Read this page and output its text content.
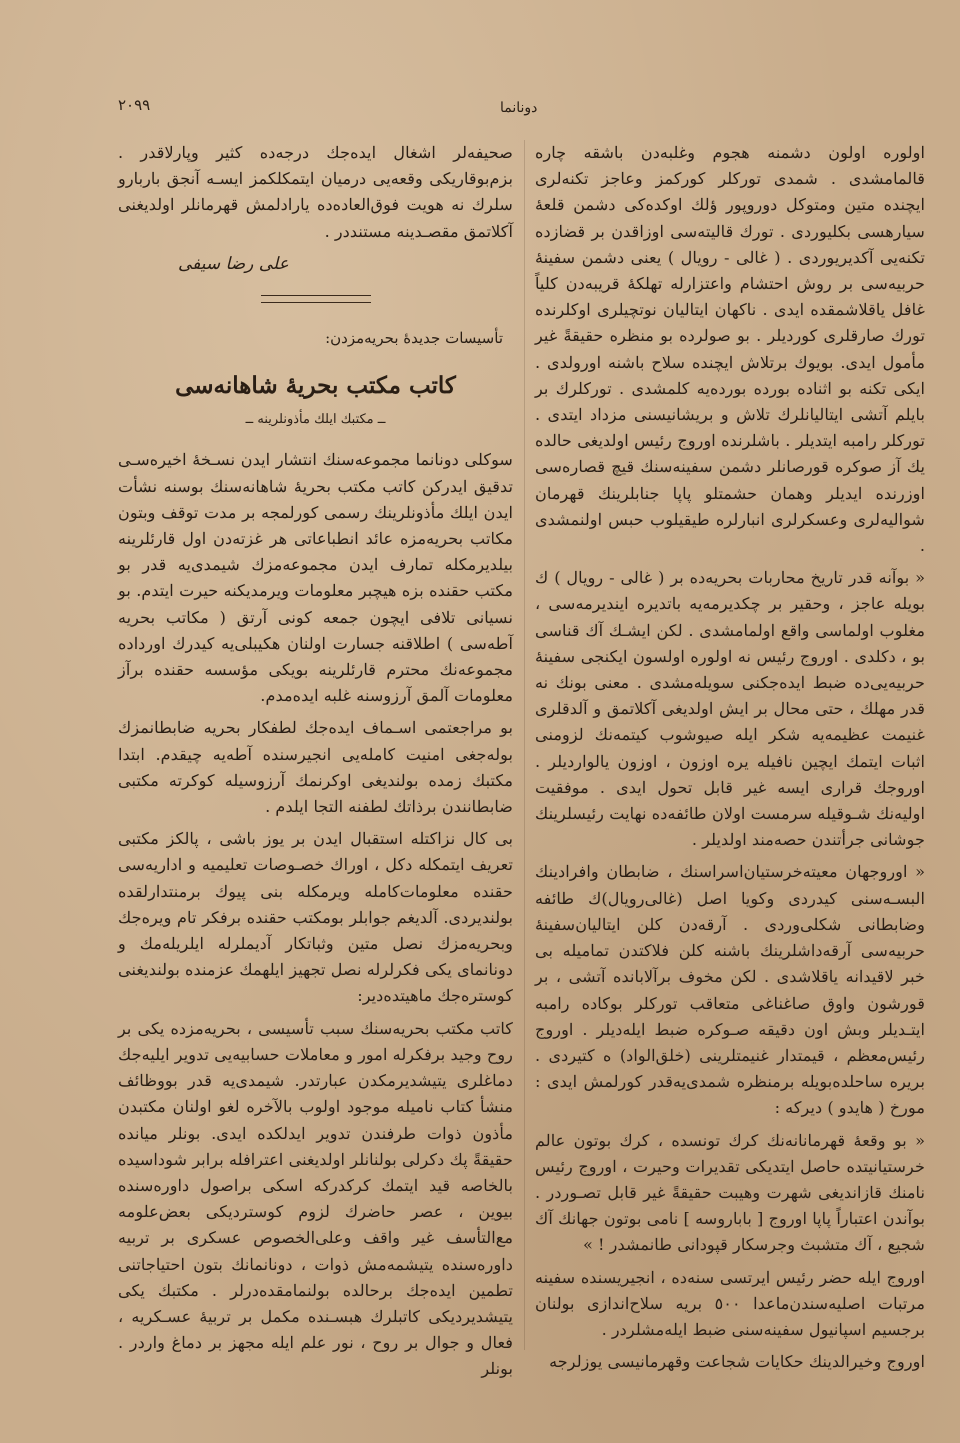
۲۰۹۹	دونانما

اولوره اولون دشمنه هجوم وغلبه‌دن باشقه چاره قالمامشدی . شمدی توركلر كوركمز وعاجز تكنه‌لری ایچنده متین ومتوكل دوروپور ؤلك اوكده‌كی دشمن قلعهٔ سیارهسی بكلیوردی . تورك قالیته‌سی اوزاقدن بر قضازده تكنه‌یی آكدیریوردی . ( غالی - رویال ) یعنی دشمن سفینهٔ حربیه‌سی بر روش احتشام واعتزارله تهلكهٔ قریبه‌دن كلیاً غافل یاقلاشمقده ایدی . ناكهان ایتالیان نوتچیلری اوكلرنده تورك صارقلری كوردیلر . بو صولرده بو منظره حقیقةً غیر مأمول ایدی. بویوك برتلاش ایچنده سلاح باشنه اورولدی . ایكی تكنه بو اثناده بورده بورده‌یه كلمشدی . توركلرك بر بایلم آتشی ایتالیانلرك تلاش و بریشانیسنی مزداد ایتدی . توركلر رامبه ایتدیلر . باشلرنده اوروج رئیس اولدیغی حالده یك آز صوكره قورصانلر دشمن سفینه‌سنك قیچ قصاره‌سی اوزرنده ایدیلر وهمان حشمتلو پاپا جنابلرینك قهرمان شوالیه‌لری وعسكرلری انبارلره طیقیلوب حبس اولنمشدی .

« بوآنه قدر تاریخ محاربات بحریه‌ده بر ( غالی - رویال ) ك بویله عاجز ، وحقیر بر چكدیرمه‌یه باتدیره ایندیرمه‌سی ، مغلوب اولماسی واقع اولمامشدی . لكن ایشـك آك قناسی بو ، دكلدی . اوروج رئیس نه اولوره اولسون ایكنجی سفینهٔ حربیه‌یی‌ده ضبط ایده‌جكنی سویله‌مشدی . معنی بونك نه قدر مهلك ، حتی محال بر ایش اولدیغی آكلاتمق و آلدقلری غنیمت عظیمه‌یه شكر ایله صیوشوب كیتمه‌نك لزومنی اثبات ایتمك ایچین نافیله یره اوزون ، اوزون یالواردیلر . اوروجك قراری ایسه غیر قابل تحول ایدی . موفقیت اولیه‌نك شـوقیله سرمست اولان طائفه‌ده نهایت رئیسلرینك جوشانی جرأتندن حصه‌مند اولدیلر .

« اوروجهان معیته‌خرستیان‌اسراسنك ، ضابطان وافرادینك البسـه‌سنی كیدردی وكویا اصل (غالی‌رویال)ك طائفه وضابطانی شكلی‌وردی . آرقه‌دن كلن ایتالیان‌سفینهٔ حربیه‌سی آرقه‌داشلرینك باشنه كلن فلاكتدن تماميله بی خبر لاقیدانه یاقلاشدی . لكن مخوف برآلابانده آتشی ، بر قورشون واوق صاغناغی متعاقب توركلر بوكاده رامبه ایتـدیلر وبش اون دقیقه صـوكره ضبط ایله‌دیلر . اوروج رئیس‌معظم ، قیمتدار غنیمتلرینی (خلق‌الواد) ه كتیردی . بریره ساحلده‌بویله برمنظره شمدی‌یه‌قدر كورلمش ایدی : مورخ ( هایدو ) دیركه :

« بو وقعهٔ قهرمانانه‌نك كرك تونسده ، كرك بوتون عالم خرستیانیتده حاصل ایتدیكی تقدیرات وحیرت ، اوروج رئیس نامنك قازاندیغی شهرت وهیبت حقیقةً غیر قابل تصـوردر . بوآندن اعتباراً پاپا اوروج [ بابا‌روسه ] نامی بوتون جهانك آك شجیع ، آك متشبث وجرسكار قپودانی طانمشدر ! »

اوروج ایله حضر رئیس ایرتسی سنه‌ده ، انجیریسنده سفینه مرتبات اصلیه‌سندن‌ماعدا ٥٠٠ بریه سلاح‌اندازی بولنان برجسیم اسپانیول سفینه‌سنی ضبط ایله‌مشلردر .

اوروج وخیرالدینك حكایات شجاعت وقهرمانیسی یوزلرجه

صحیفه‌لر اشغال ایده‌جك درجه‌ده كثیر وپارلاقدر . بزم‌بوقاریكی وقعه‌یی درمیان ایتمكلكمز ایسـه آنجق باربارو سلرك نه هویت فوق‌العاده‌ده یارادلمش قهرمانلر اولدیغنی آكلاتمق مقصـدینه مستنددر .

علی رضا سیفی
تأسیسات جدیدهٔ بحریه‌مزدن:
كاتب مكتب بحریهٔ شاهانه‌سی
ــ مكتبك ایلك مأذونلرینه ــ

سوكلی دونانما مجموعه‌سنك انتشار ایدن نسـخهٔ اخیره‌سـی تدقیق ایدركن كاتب مكتب بحریهٔ شاهانه‌سنك بوسنه نشأت ایدن ایلك مأذونلرینك رسمی كورلمجه بر مدت توقف وبتون مكاتب بحریه‌مزه عائد انطباعاتی هر غزته‌دن اول قارئلرینه بیلدیرمكله تمارف ایدن مجموعه‌مزك شیمدی‌یه قدر بو مكتب حقنده بزه هیچبر معلومات ویرمدیكنه حیرت ایتدم. بو نسیانی تلافی ایچون جمعه كونی آرتق ( مكاتب بحریه آطه‌سی ) اطلاقنه جسارت اولنان هكیبلی‌یه كیدرك اورداده مجموعه‌نك محترم قارئلرینه بویكی مؤسسه حقنده برآز معلومات آلمق آرزوسنه غلبه ایده‌مدم.

بو مراجعتمی اسـماف ایده‌جك لطفكار بحریه ضابطانمزك بوله‌جغی امنیت كامله‌یی انجیرسنده آطه‌یه چیقدم. ابتدا مكتبك زمده بولندیغی اوكرنمك آرزوسیله كوكرته مكتبی ضابطانندن برذاتك لطفنه التجا ایلدم .

بی كال نزاكتله استقبال ایدن بر یوز باشی ، پالكز مكتبی تعریف ایتمكله دكل ، اوراك خصـوصات تعلیمیه و اداریه‌سی حقنده معلومات‌كامله ویرمكله بنی پیوك برمنتدارلقده بولندیردی. آلدیغم جوابلر بومكتب حقنده برفكر تام ویره‌جك وبحریه‌مزك نصل متین وثباتكار آدیملرله ایلریله‌مك و دونانمای یكی فكرلرله نصل تجهیز ایلهمك عزمنده بولندیغنی كوستره‌جك ماهیتده‌دیر:

كاتب مكتب بحریه‌سنك سبب تأسیسی ، بحریه‌مزده یكی بر روح وجید برفكرله امور و معاملات حسابیه‌یی تدویر ایلیه‌جك دماغلری یتیشدیرمكدن عبارتدر. شیمدی‌یه قدر بووظائف منشأ كتاب نامیله موجود اولوب بالآخره لغو اولنان مكتبدن مأذون ذوات طرفندن تدویر ایدلكده ایدی. بونلر میانده حقیقةً پك دكرلی بولنانلر اولدیغنی اعترافله برابر شوداسیده بالخاصه قید ایتمك كركدركه اسكی براصول داوره‌سنده بیوین ، عصر حاضرك لزوم كوستردیكی بعض‌علومه مع‌التأسف غیر واقف وعلی‌الخصوص عسكری بر تربیه داوره‌سنده یتیشمه‌مش ذوات ، دونانمانك بتون احتیاجاتنی تطمین ایده‌جك برحالده بولنمامقده‌درلر . مكتبك یكی یتیشدیردیكی كاتبلرك هبسـنده مكمل بر تربیهٔ عسـكریه ، فعال و جوال بر روح ، نور علم ایله مجهز بر دماغ واردر . بونلر
